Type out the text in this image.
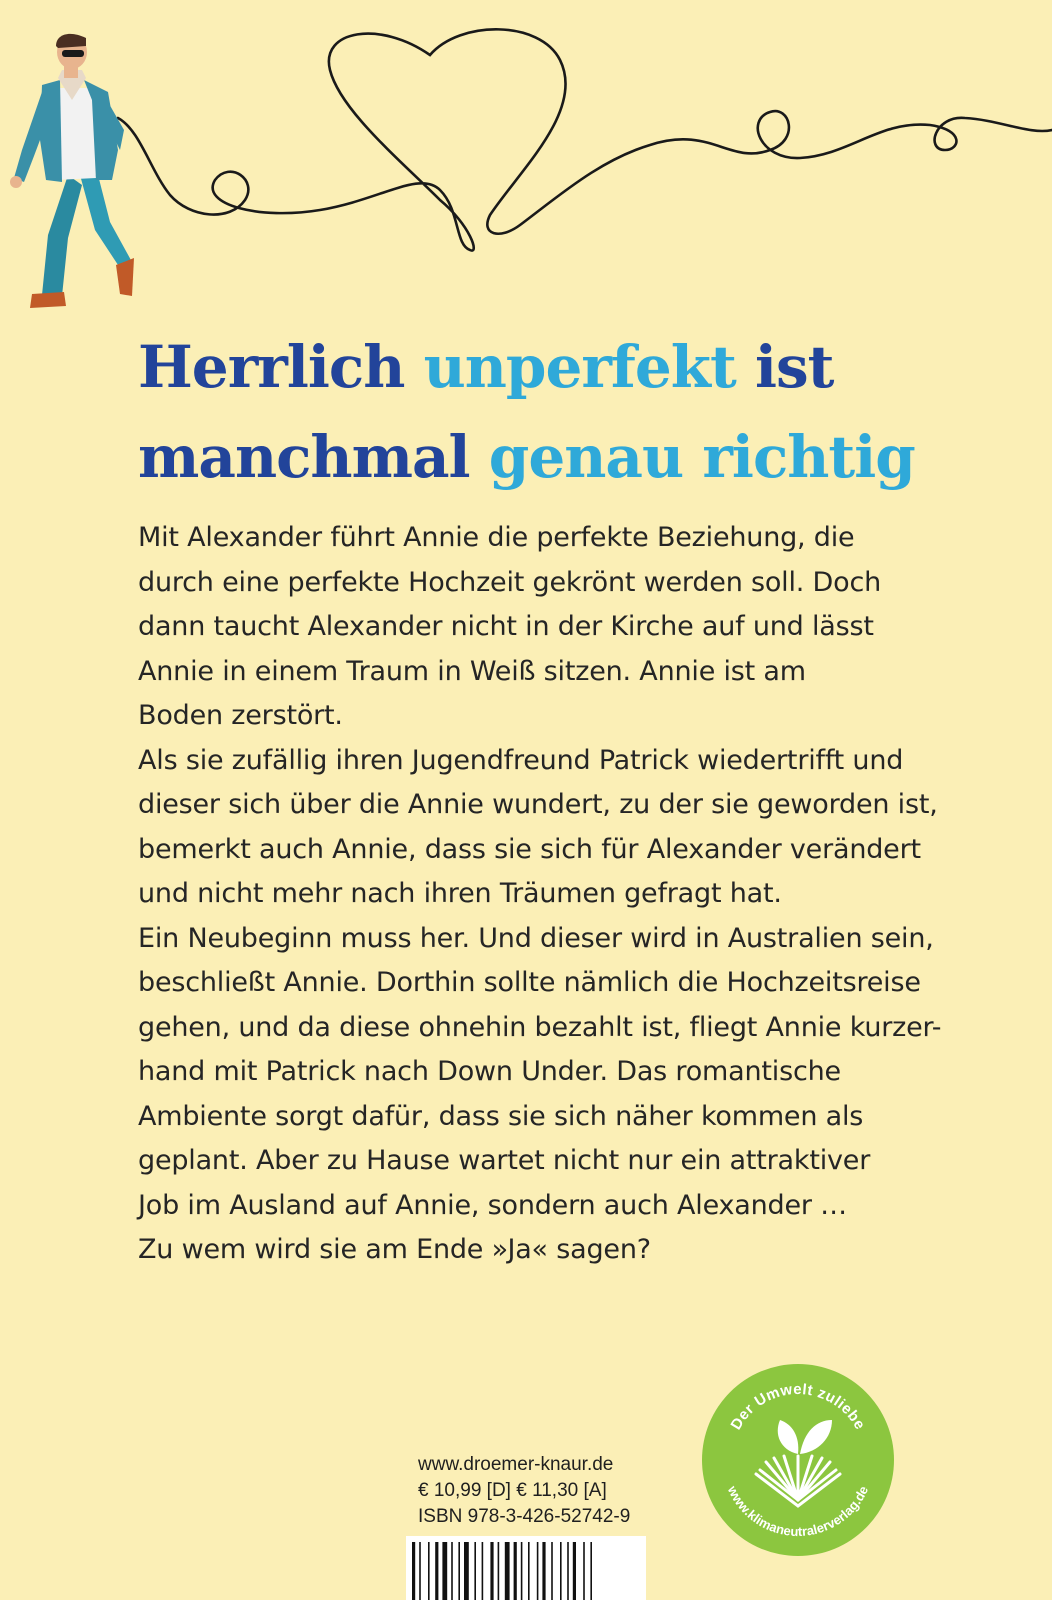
Herrlich unperfekt ist
manchmal genau richtig
Mit Alexander führt Annie die perfekte Beziehung, die
durch eine perfekte Hochzeit gekrönt werden soll. Doch
dann taucht Alexander nicht in der Kirche auf und lässt
Annie in einem Traum in Weiß sitzen. Annie ist am
Boden zerstört.
Als sie zufällig ihren Jugendfreund Patrick wiedertrifft und
dieser sich über die Annie wundert, zu der sie geworden ist,
bemerkt auch Annie, dass sie sich für Alexander verändert
und nicht mehr nach ihren Träumen gefragt hat.
Ein Neubeginn muss her. Und dieser wird in Australien sein,
beschließt Annie. Dorthin sollte nämlich die Hochzeitsreise
gehen, und da diese ohnehin bezahlt ist, fliegt Annie kurzer-
hand mit Patrick nach Down Under. Das romantische
Ambiente sorgt dafür, dass sie sich näher kommen als
geplant. Aber zu Hause wartet nicht nur ein attraktiver
Job im Ausland auf Annie, sondern auch Alexander …
Zu wem wird sie am Ende »Ja« sagen?
Der Umwelt zuliebe
www.klimaneutralerverlag.de
www.droemer-knaur.de
€ 10,99 [D] € 11,30 [A]
ISBN 978-3-426-52742-9
